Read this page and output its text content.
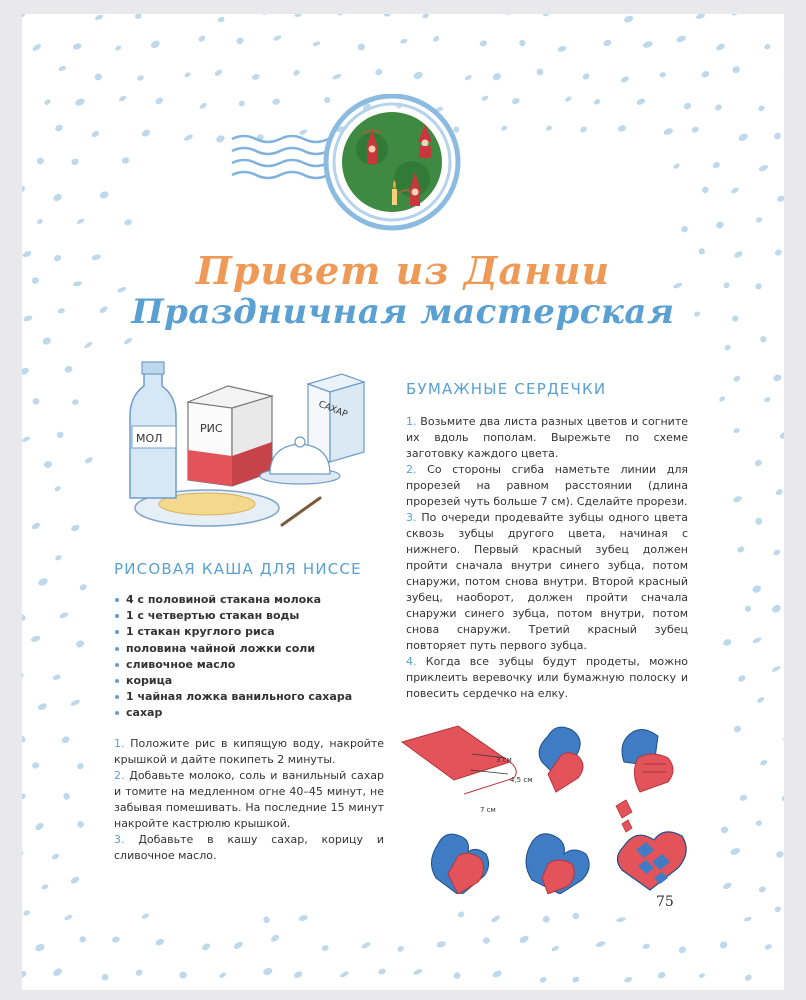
Привет из Дании
Праздничная мастерская
МОЛ
РИС
САХАР
БУМАЖНЫЕ СЕРДЕЧКИ

1. Возьмите два листа разных цветов и согните их вдоль пополам. Вырежьте по схеме заготовку каждого цвета.

2. Со стороны сгиба наметьте линии для прорезей на равном расстоянии (длина прорезей чуть больше 7 см). Сделайте прорези.

3. По очереди продевайте зубцы одного цвета сквозь зубцы другого цвета, начиная с нижнего. Первый красный зубец должен пройти сначала внутри синего зубца, потом снаружи, потом снова внутри. Второй красный зубец, наоборот, должен пройти сначала снаружи синего зубца, потом внутри, потом снова снаружи. Третий красный зубец повторяет путь первого зубца.

4. Когда все зубцы будут продеты, можно приклеить веревочку или бумажную полоску и повесить сердечко на елку.

РИСОВАЯ КАША ДЛЯ НИССЕ
4 с половиной стакана молока
1 с четвертью стакан воды
1 стакан круглого риса
половина чайной ложки соли
сливочное масло
корица
1 чайная ложка ванильного сахара
сахар

1. Положите рис в кипящую воду, накройте крышкой и дайте покипеть 2 минуты.

2. Добавьте молоко, соль и ванильный сахар и томите на медленном огне 40–45 минут, не забывая помешивать. На последние 15 минут накройте кастрюлю крышкой.

3. Добавьте в кашу сахар, корицу и сливочное масло.

3 см
4,5 см
7 см
75
